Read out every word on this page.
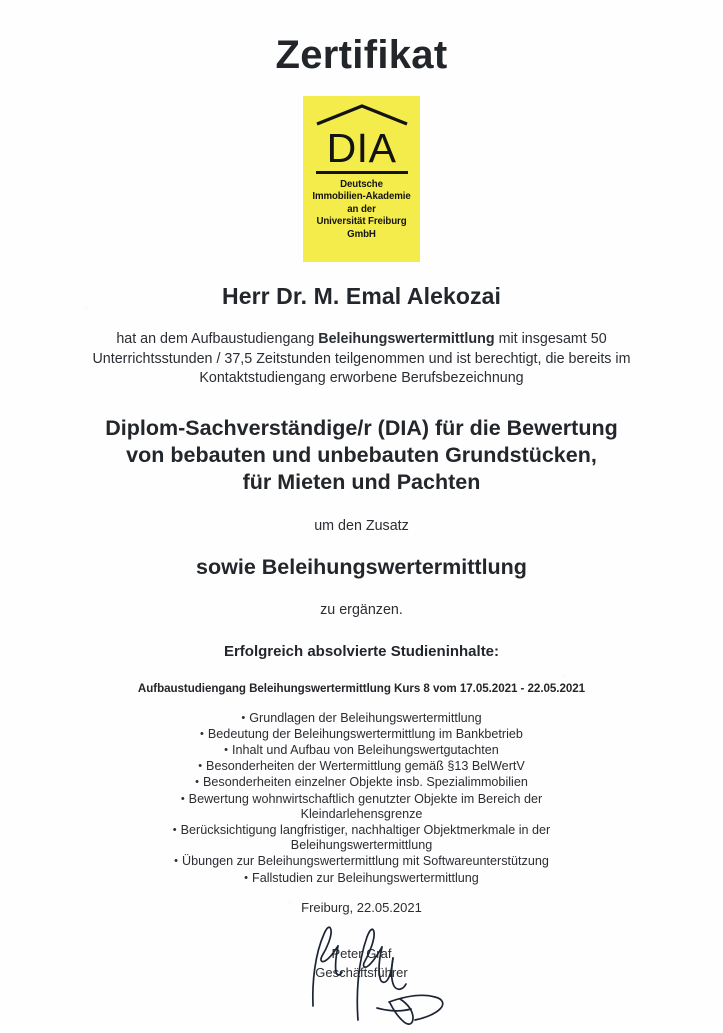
Zertifikat
DIA
Deutsche
Immobilien-Akademie
an der
Universität Freiburg
GmbH
Herr Dr. M. Emal Alekozai

hat an dem Aufbaustudiengang Beleihungswertermittlung mit insgesamt 50 Unterrichtsstunden / 37,5 Zeitstunden teilgenommen und ist berechtigt, die bereits im Kontaktstudiengang erworbene Berufsbezeichnung

Diplom-Sachverständige/r (DIA) für die Bewertung
von bebauten und unbebauten Grundstücken,
für Mieten und Pachten
um den Zusatz
sowie Beleihungswertermittlung
zu ergänzen.
Erfolgreich absolvierte Studieninhalte:
Aufbaustudiengang Beleihungswertermittlung Kurs 8 vom 17.05.2021 - 22.05.2021
• Grundlagen der Beleihungswertermittlung
• Bedeutung der Beleihungswertermittlung im Bankbetrieb
• Inhalt und Aufbau von Beleihungswertgutachten
• Besonderheiten der Wertermittlung gemäß §13 BelWertV
• Besonderheiten einzelner Objekte insb. Spezialimmobilien
• Bewertung wohnwirtschaftlich genutzter Objekte im Bereich der Kleindarlehensgrenze
• Berücksichtigung langfristiger, nachhaltiger Objektmerkmale in der Beleihungswertermittlung
• Übungen zur Beleihungswertermittlung mit Softwareunterstützung
• Fallstudien zur Beleihungswertermittlung
Freiburg, 22.05.2021
Peter Graf
Geschäftsführer
